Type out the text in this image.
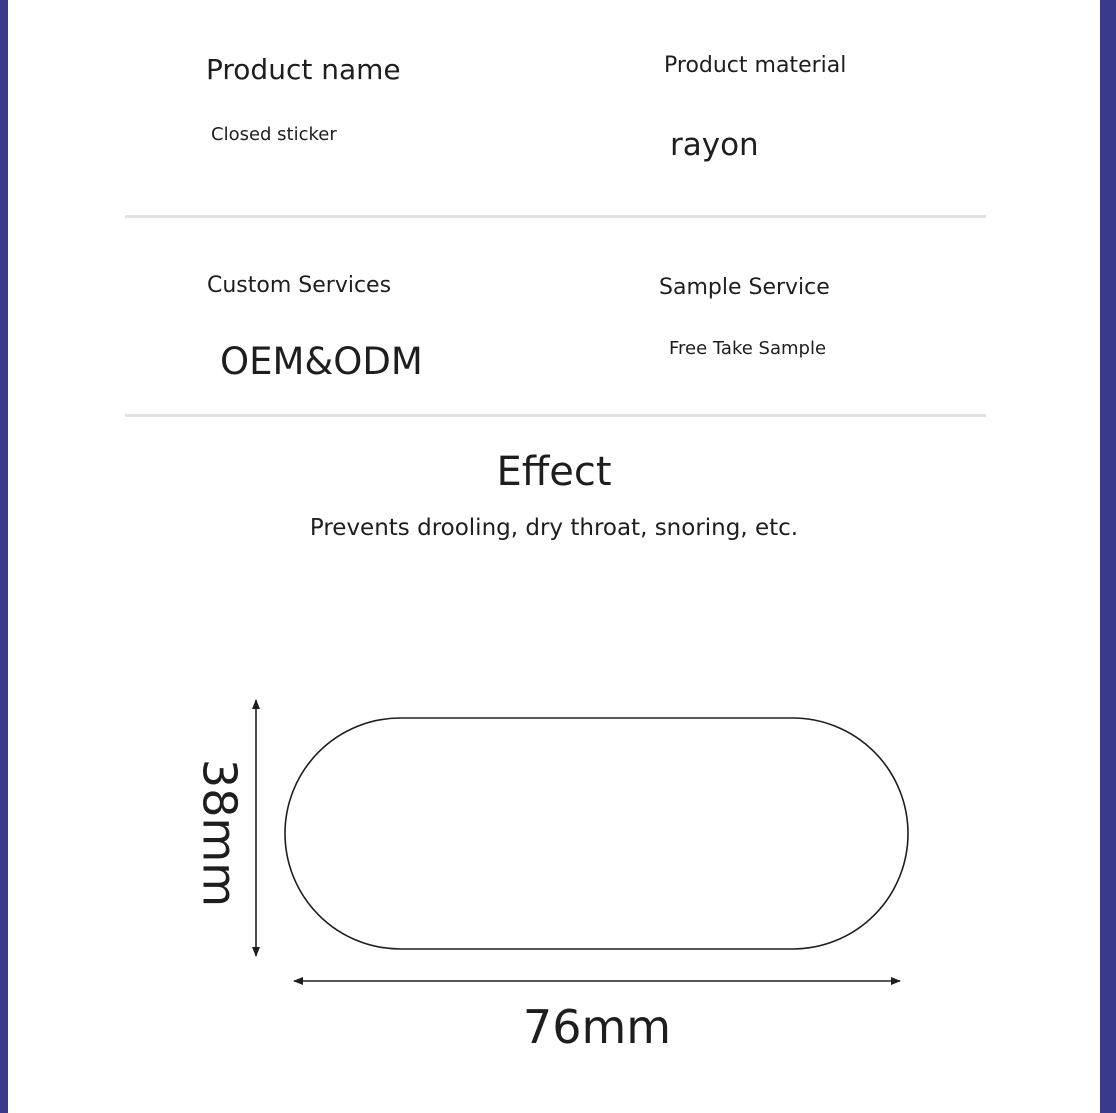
Product name
Closed sticker
Product material
rayon
Custom Services
OEM&ODM
Sample Service
Free Take Sample
Effect
Prevents drooling, dry throat, snoring, etc.
38mm
76mm
